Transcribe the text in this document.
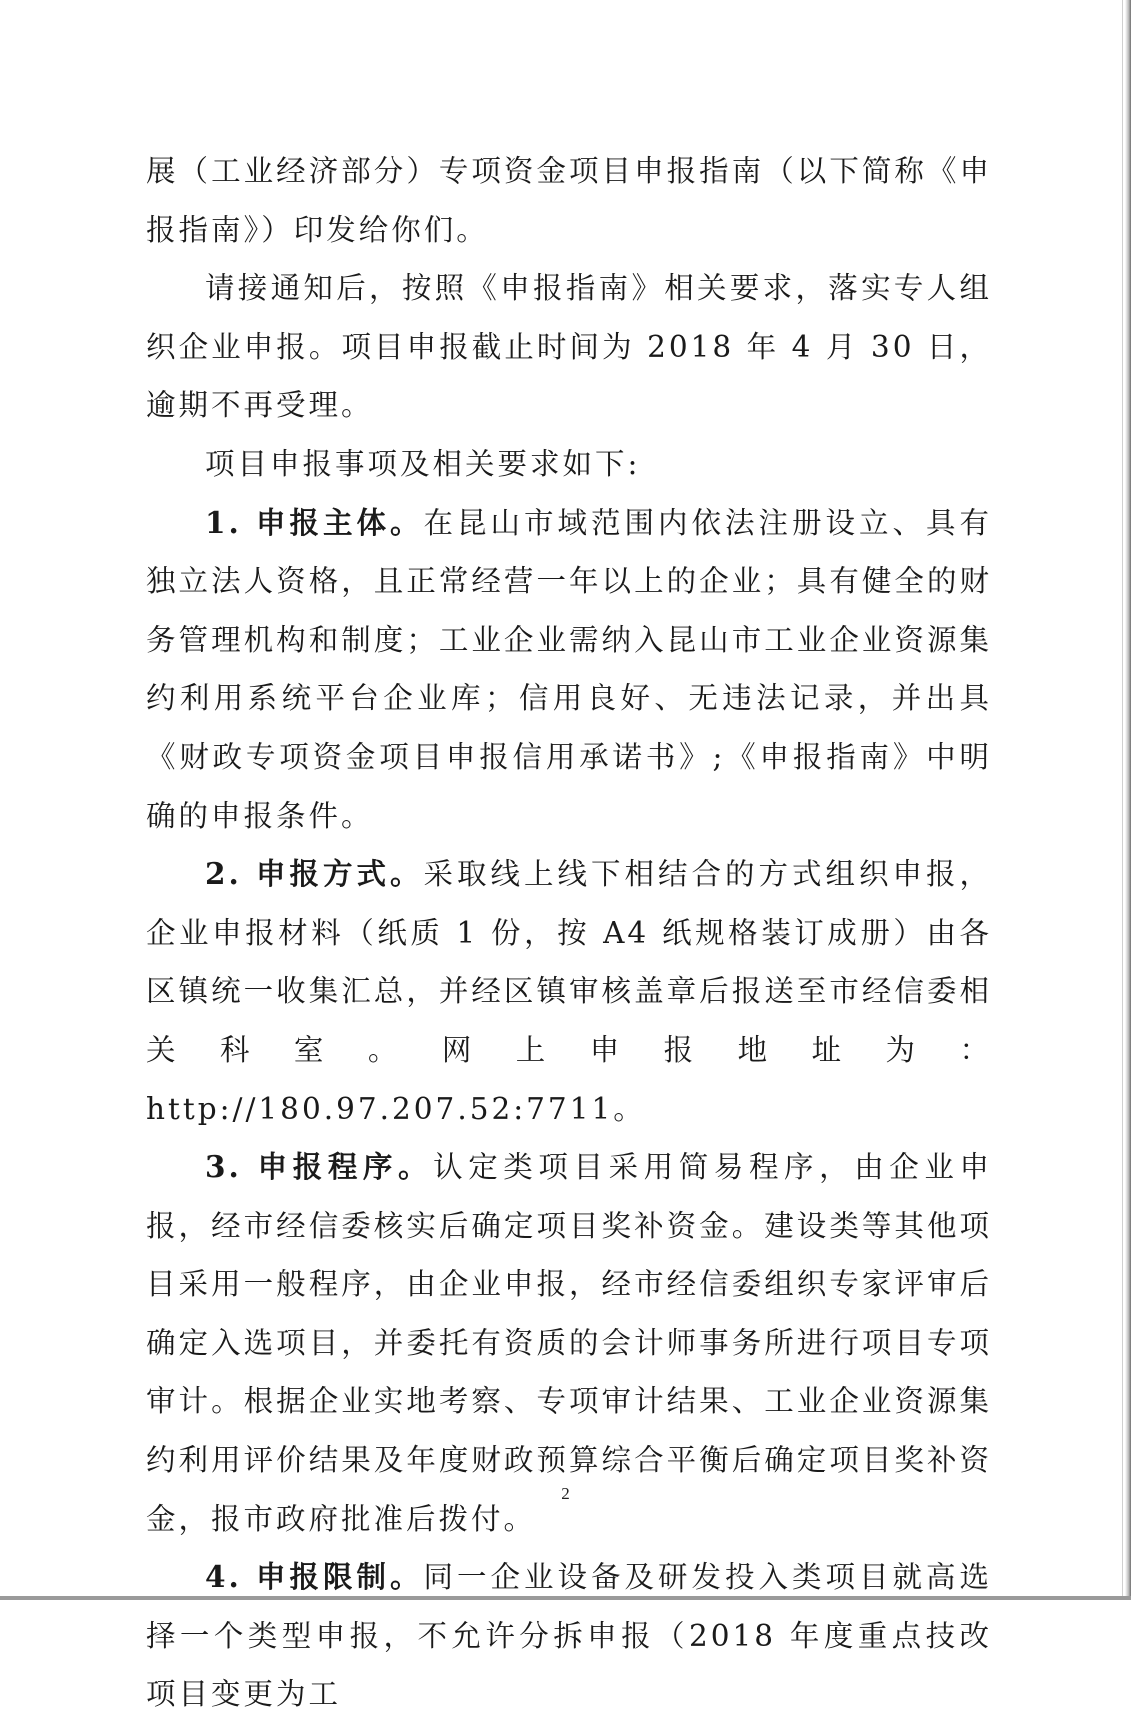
展（工业经济部分）专项资金项目申报指南（以下简称《申报指南》）印发给你们。

请接通知后，按照《申报指南》相关要求，落实专人组织企业申报。项目申报截止时间为 2018 年 4 月 30 日，逾期不再受理。

项目申报事项及相关要求如下:

1. 申报主体。在昆山市域范围内依法注册设立、具有独立法人资格，且正常经营一年以上的企业；具有健全的财务管理机构和制度；工业企业需纳入昆山市工业企业资源集约利用系统平台企业库；信用良好、无违法记录，并出具《财政专项资金项目申报信用承诺书》;《申报指南》中明确的申报条件。

2. 申报方式。采取线上线下相结合的方式组织申报，企业申报材料（纸质 1 份，按 A4 纸规格装订成册）由各区镇统一收集汇总，并经区镇审核盖章后报送至市经信委相关科室。网上申报地址为：http://180.97.207.52:7711。

3. 申报程序。认定类项目采用简易程序，由企业申报，经市经信委核实后确定项目奖补资金。建设类等其他项目采用一般程序，由企业申报，经市经信委组织专家评审后确定入选项目，并委托有资质的会计师事务所进行项目专项审计。根据企业实地考察、专项审计结果、工业企业资源集约利用评价结果及年度财政预算综合平衡后确定项目奖补资金，报市政府批准后拨付。

4. 申报限制。同一企业设备及研发投入类项目就高选择一个类型申报，不允许分拆申报（2018 年度重点技改项目变更为工

2
